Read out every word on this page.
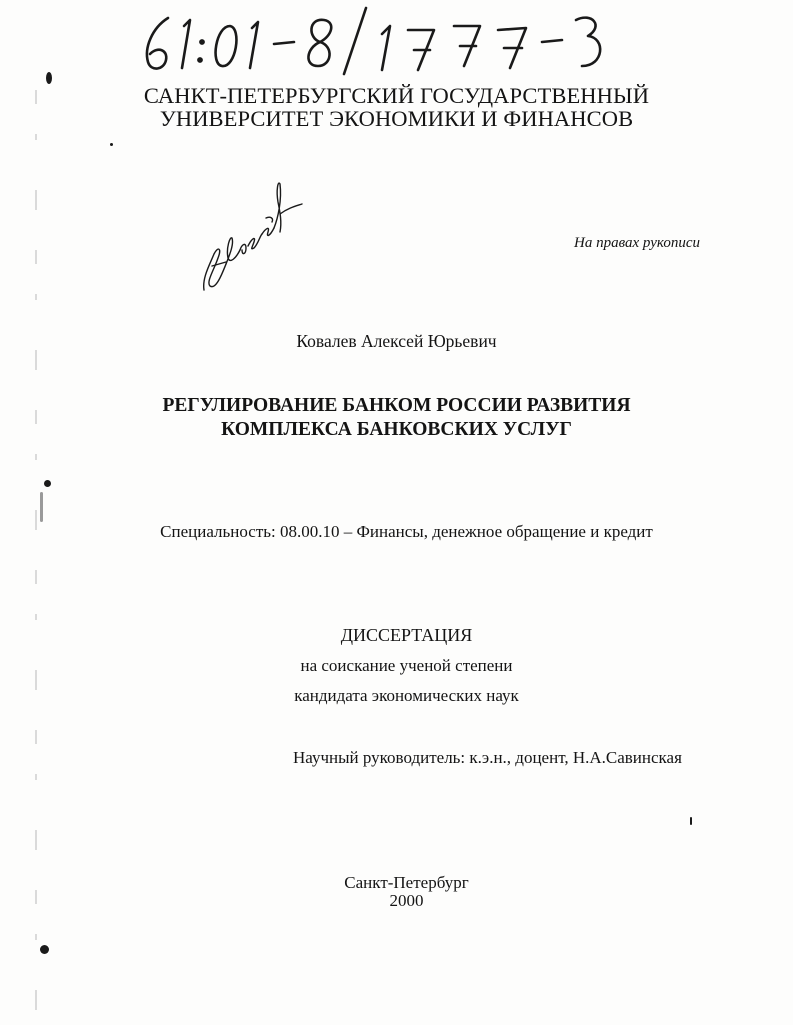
САНКТ-ПЕТЕРБУРГСКИЙ ГОСУДАРСТВЕННЫЙ
УНИВЕРСИТЕТ ЭКОНОМИКИ И ФИНАНСОВ
На правах рукописи
Ковалев Алексей Юрьевич
РЕГУЛИРОВАНИЕ БАНКОМ РОССИИ РАЗВИТИЯ
КОМПЛЕКСА БАНКОВСКИХ УСЛУГ
Специальность: 08.00.10 – Финансы, денежное обращение и кредит
ДИССЕРТАЦИЯ
на соискание ученой степени
кандидата экономических наук
Научный руководитель: к.э.н., доцент, Н.А.Савинская
Санкт-Петербург
2000
